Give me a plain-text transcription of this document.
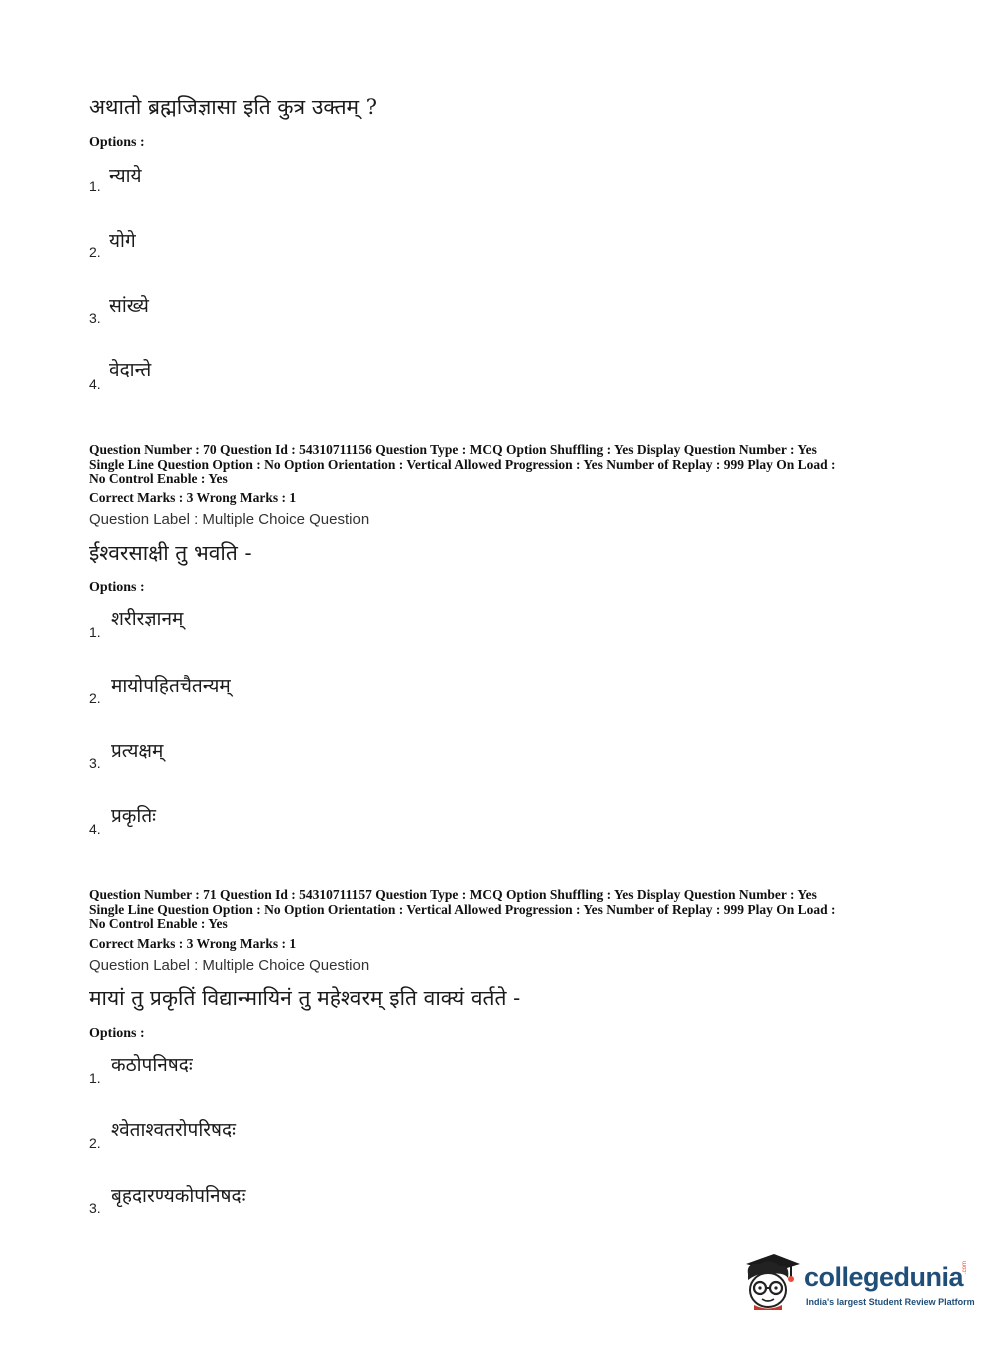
अथातो ब्रह्मजिज्ञासा इति कुत्र उक्तम् ?
Options :
1. न्याये
2. योगे
3.
सांख्ये
4.
वेदान्ते
Question Number : 70 Question Id : 54310711156 Question Type : MCQ Option Shuffling : Yes Display Question Number : Yes
Single Line Question Option : No Option Orientation : Vertical Allowed Progression : Yes Number of Replay : 999 Play On Load :
No Control Enable : Yes
Correct Marks : 3 Wrong Marks : 1
Question Label : Multiple Choice Question
ईश्वरसाक्षी तु भवति -
Options :
1.
शरीरज्ञानम्
2.
मायोपहितचैतन्यम्
3.
प्रत्यक्षम्
4.
प्रकृतिः
Question Number : 71 Question Id : 54310711157 Question Type : MCQ Option Shuffling : Yes Display Question Number : Yes
Single Line Question Option : No Option Orientation : Vertical Allowed Progression : Yes Number of Replay : 999 Play On Load :
No Control Enable : Yes
Correct Marks : 3 Wrong Marks : 1
Question Label : Multiple Choice Question
मायां तु प्रकृतिं विद्यान्मायिनं तु महेश्वरम् इति वाक्यं वर्तते -
Options :
1.
कठोपनिषदः
2.
श्वेताश्वतरोपरिषदः
3.
बृहदारण्यकोपनिषदः
collegedunia
.com
India's largest Student Review Platform
